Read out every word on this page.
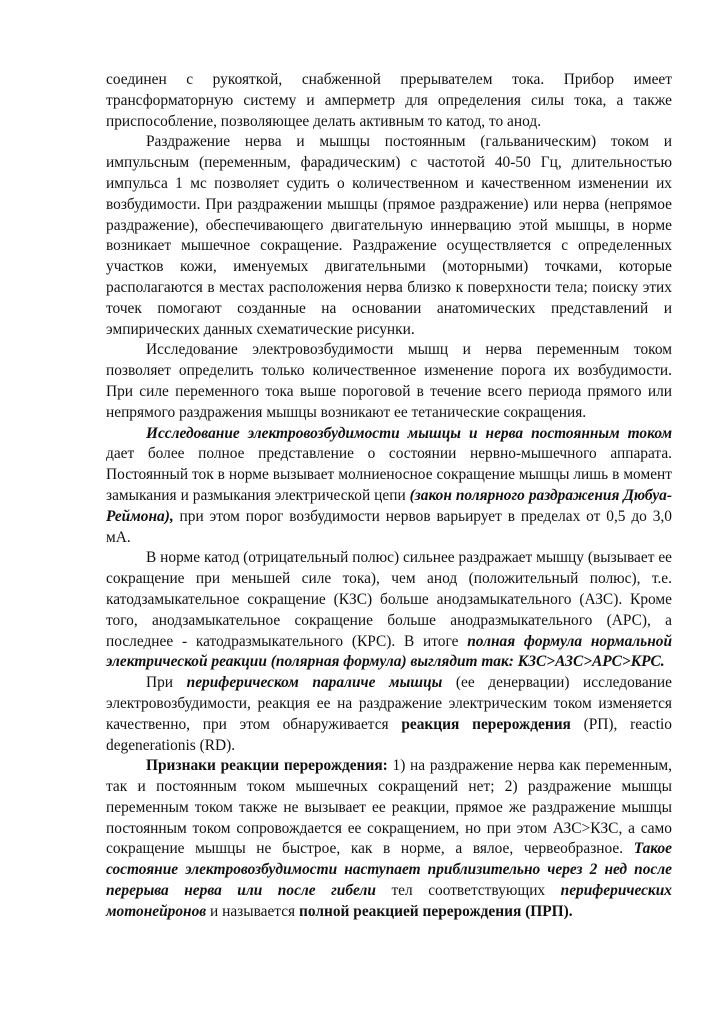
соединен с рукояткой, снабженной прерывателем тока. Прибор имеет трансформаторную систему и амперметр для определения силы тока, а также приспособление, позволяющее делать активным то катод, то анод.

Раздражение нерва и мышцы постоянным (гальваническим) током и импульсным (переменным, фарадическим) с частотой 40-50 Гц, длительностью импульса 1 мс позволяет судить о количественном и качественном изменении их возбудимости. При раздражении мышцы (прямое раздражение) или нерва (непрямое раздражение), обеспечивающего двигательную иннервацию этой мышцы, в норме возникает мышечное сокращение. Раздражение осуществляется с определенных участков кожи, именуемых двигательными (моторными) точками, которые располагаются в местах расположения нерва близко к поверхности тела; поиску этих точек помогают созданные на основании анатомических представлений и эмпирических данных схематические рисунки.

Исследование электровозбудимости мышц и нерва переменным током позволяет определить только количественное изменение порога их возбудимости. При силе переменного тока выше пороговой в течение всего периода прямого или непрямого раздражения мышцы возникают ее тетанические сокращения.

Исследование электровозбудимости мышцы и нерва постоянным током дает более полное представление о состоянии нервно-мышечного аппарата. Постоянный ток в норме вызывает молниеносное сокращение мышцы лишь в момент замыкания и размыкания электрической цепи (закон полярного раздражения Дюбуа-Реймона), при этом порог возбудимости нервов варьирует в пределах от 0,5 до 3,0 мА.

В норме катод (отрицательный полюс) сильнее раздражает мышцу (вызывает ее сокращение при меньшей силе тока), чем анод (положительный полюс), т.е. катодзамыкательное сокращение (КЗС) больше анодзамыкательного (АЗС). Кроме того, анодзамыкательное сокращение больше анодразмыкательного (АРС), а последнее - катодразмыкательного (КРС). В итоге полная формула нормальной электрической реакции (полярная формула) выглядит так: КЗС>АЗС>АРС>КРС.

При периферическом параличе мышцы (ее денервации) исследование электровозбудимости, реакция ее на раздражение электрическим током изменяется качественно, при этом обнаруживается реакция перерождения (РП), reactio degenerationis (RD).

Признаки реакции перерождения: 1) на раздражение нерва как переменным, так и постоянным током мышечных сокращений нет; 2) раздражение мышцы переменным током также не вызывает ее реакции, прямое же раздражение мышцы постоянным током сопровождается ее сокращением, но при этом АЗС>КЗС, а само сокращение мышцы не быстрое, как в норме, а вялое, червеобразное. Такое состояние электровозбудимости наступает приблизительно через 2 нед после перерыва нерва или после гибели тел соответствующих периферических мотонейронов и называется полной реакцией перерождения (ПРП).
